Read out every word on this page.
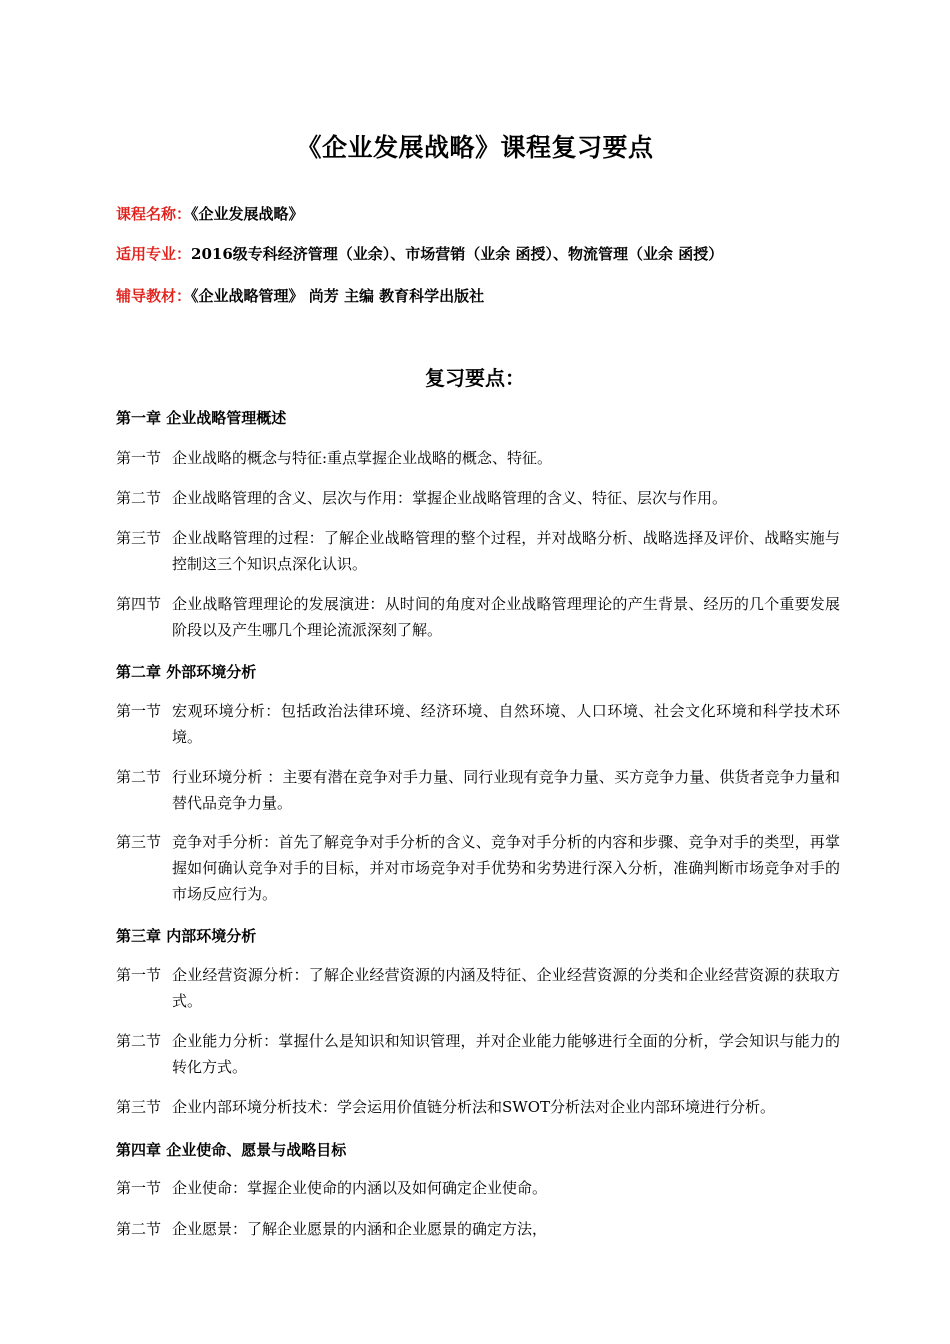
《企业发展战略》课程复习要点
课程名称：《企业发展战略》
适用专业：2016级专科经济管理（业余）、市场营销（业余 函授）、物流管理（业余 函授）
辅导教材：《企业战略管理》 尚芳 主编 教育科学出版社
复习要点：
第一章 企业战略管理概述
第一节 企业战略的概念与特征:重点掌握企业战略的概念、特征。
第二节 企业战略管理的含义、层次与作用：掌握企业战略管理的含义、特征、层次与作用。
第三节 企业战略管理的过程：了解企业战略管理的整个过程，并对战略分析、战略选择及评价、战略实施与控制这三个知识点深化认识。
第四节 企业战略管理理论的发展演进：从时间的角度对企业战略管理理论的产生背景、经历的几个重要发展阶段以及产生哪几个理论流派深刻了解。
第二章 外部环境分析
第一节 宏观环境分析：包括政治法律环境、经济环境、自然环境、人口环境、社会文化环境和科学技术环境。
第二节 行业环境分析 ：主要有潜在竞争对手力量、同行业现有竞争力量、买方竞争力量、供货者竞争力量和替代品竞争力量。
第三节 竞争对手分析：首先了解竞争对手分析的含义、竞争对手分析的内容和步骤、竞争对手的类型，再掌握如何确认竞争对手的目标，并对市场竞争对手优势和劣势进行深入分析，准确判断市场竞争对手的市场反应行为。
第三章 内部环境分析
第一节 企业经营资源分析：了解企业经营资源的内涵及特征、企业经营资源的分类和企业经营资源的获取方式。
第二节 企业能力分析：掌握什么是知识和知识管理，并对企业能力能够进行全面的分析，学会知识与能力的转化方式。
第三节 企业内部环境分析技术：学会运用价值链分析法和SWOT分析法对企业内部环境进行分析。
第四章 企业使命、愿景与战略目标
第一节 企业使命：掌握企业使命的内涵以及如何确定企业使命。
第二节 企业愿景：了解企业愿景的内涵和企业愿景的确定方法，
